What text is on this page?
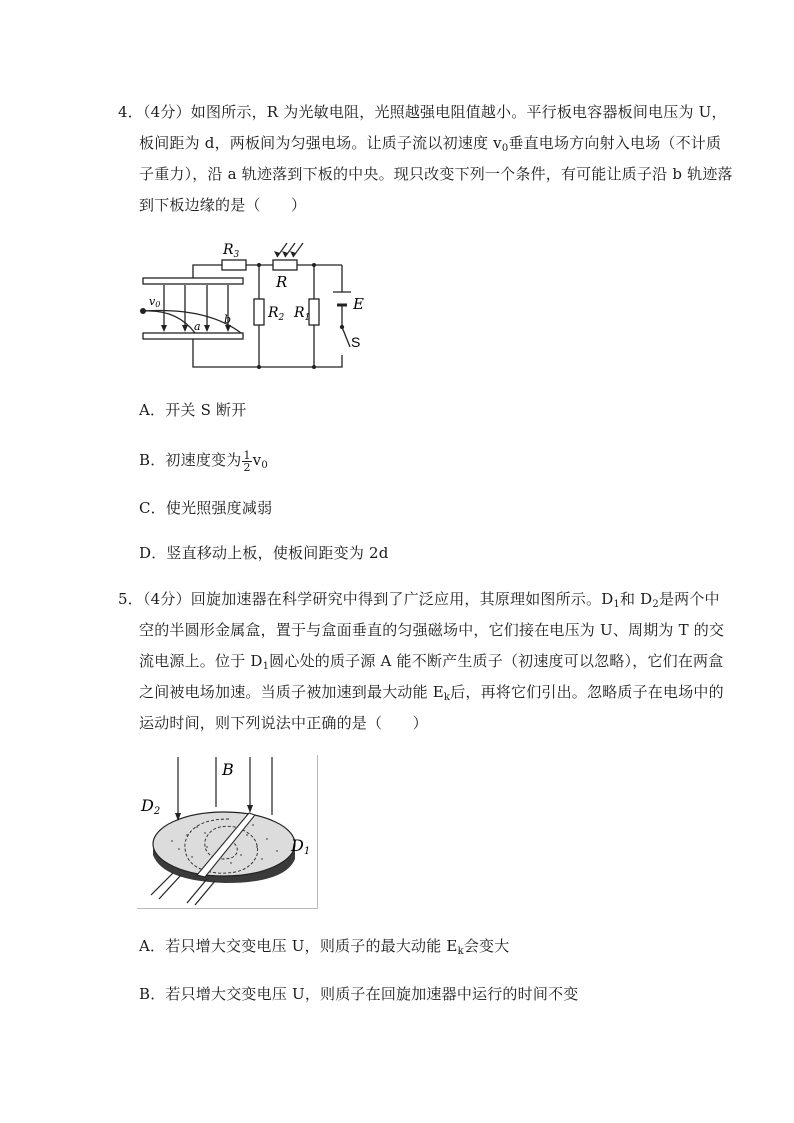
4．（4分）如图所示，R 为光敏电阻，光照越强电阻值越小。平行板电容器板间电压为 U，
板间距为 d，两板间为匀强电场。让质子流以初速度 $v_0$垂直电场方向射入电场（不计质
子重力），沿 a 轨迹落到下板的中央。现只改变下列一个条件，有可能让质子沿 b 轨迹落
到下板边缘的是（　　）
$R_3$
R
$R_2$ $R_1$
E
S
v0
a
b
A．开关 S 断开
B．初速度变为 $\frac{1}{2} v_0$
C．使光照强度减弱
D．竖直移动上板，使板间距变为 2d
5．（4分）回旋加速器在科学研究中得到了广泛应用，其原理如图所示。$D_1$和 $D_2$是两个中
空的半圆形金属盒，置于与盒面垂直的匀强磁场中，它们接在电压为 U、周期为 T 的交
流电源上。位于 $D_1$圆心处的质子源 A 能不断产生质子（初速度可以忽略），它们在两盒
之间被电场加速。当质子被加速到最大动能 $E_k$后，再将它们引出。忽略质子在电场中的
运动时间，则下列说法中正确的是（　　）
B
D2
D1
A．若只增大交变电压 U，则质子的最大动能 $E_k$会变大
B．若只增大交变电压 U，则质子在回旋加速器中运行的时间不变
